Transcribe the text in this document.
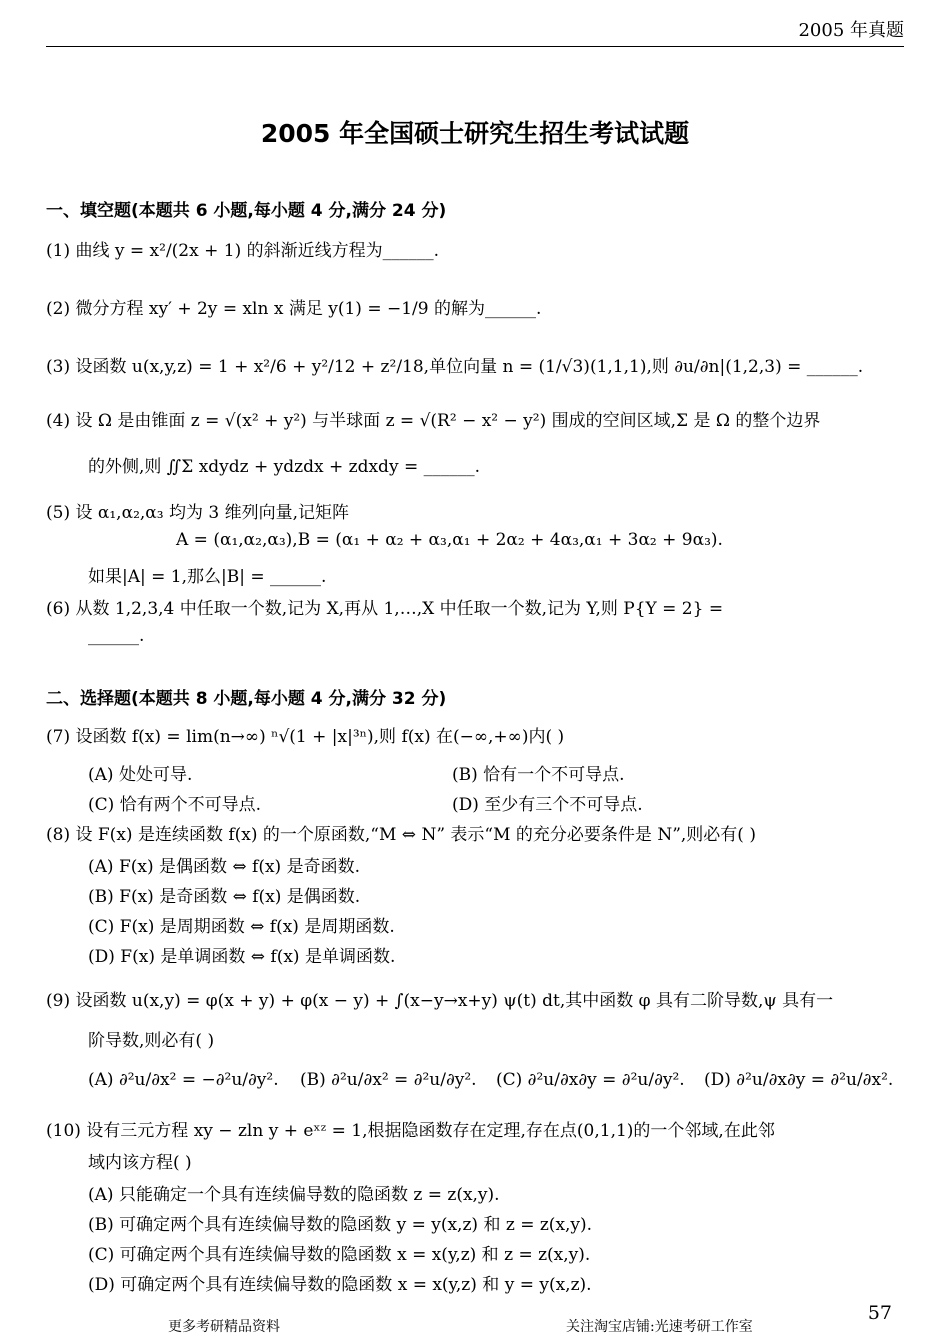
2005 年真题
2005 年全国硕士研究生招生考试试题
一、填空题(本题共 6 小题,每小题 4 分,满分 24 分)
(1) 曲线 y = x²/(2x + 1) 的斜渐近线方程为______.
(2) 微分方程 xy′ + 2y = xln x 满足 y(1) = −1/9 的解为______.
(3) 设函数 u(x,y,z) = 1 + x²/6 + y²/12 + z²/18,单位向量 n = (1/√3)(1,1,1),则 ∂u/∂n|(1,2,3) = ______.
(4) 设 Ω 是由锥面 z = √(x² + y²) 与半球面 z = √(R² − x² − y²) 围成的空间区域,Σ 是 Ω 的整个边界
的外侧,则 ∬Σ xdydz + ydzdx + zdxdy = ______.
(5) 设 α₁,α₂,α₃ 均为 3 维列向量,记矩阵
A = (α₁,α₂,α₃),B = (α₁ + α₂ + α₃,α₁ + 2α₂ + 4α₃,α₁ + 3α₂ + 9α₃).
如果|A| = 1,那么|B| = ______.
(6) 从数 1,2,3,4 中任取一个数,记为 X,再从 1,…,X 中任取一个数,记为 Y,则 P{Y = 2} =
______.
二、选择题(本题共 8 小题,每小题 4 分,满分 32 分)
(7) 设函数 f(x) = lim(n→∞) ⁿ√(1 + |x|³ⁿ),则 f(x) 在(−∞,+∞)内( )
(A) 处处可导.	(B) 恰有一个不可导点.
(C) 恰有两个不可导点.	(D) 至少有三个不可导点.
(8) 设 F(x) 是连续函数 f(x) 的一个原函数,“M ⇔ N” 表示“M 的充分必要条件是 N”,则必有( )
(A) F(x) 是偶函数 ⇔ f(x) 是奇函数.
(B) F(x) 是奇函数 ⇔ f(x) 是偶函数.
(C) F(x) 是周期函数 ⇔ f(x) 是周期函数.
(D) F(x) 是单调函数 ⇔ f(x) 是单调函数.
(9) 设函数 u(x,y) = φ(x + y) + φ(x − y) + ∫(x−y→x+y) ψ(t) dt,其中函数 φ 具有二阶导数,ψ 具有一
阶导数,则必有( )
(A) ∂²u/∂x² = −∂²u/∂y². (B) ∂²u/∂x² = ∂²u/∂y². (C) ∂²u/∂x∂y = ∂²u/∂y². (D) ∂²u/∂x∂y = ∂²u/∂x².
(10) 设有三元方程 xy − zln y + eˣᶻ = 1,根据隐函数存在定理,存在点(0,1,1)的一个邻域,在此邻
域内该方程( )
(A) 只能确定一个具有连续偏导数的隐函数 z = z(x,y).
(B) 可确定两个具有连续偏导数的隐函数 y = y(x,z) 和 z = z(x,y).
(C) 可确定两个具有连续偏导数的隐函数 x = x(y,z) 和 z = z(x,y).
(D) 可确定两个具有连续偏导数的隐函数 x = x(y,z) 和 y = y(x,z).
更多考研精品资料	关注淘宝店铺:光速考研工作室
57
